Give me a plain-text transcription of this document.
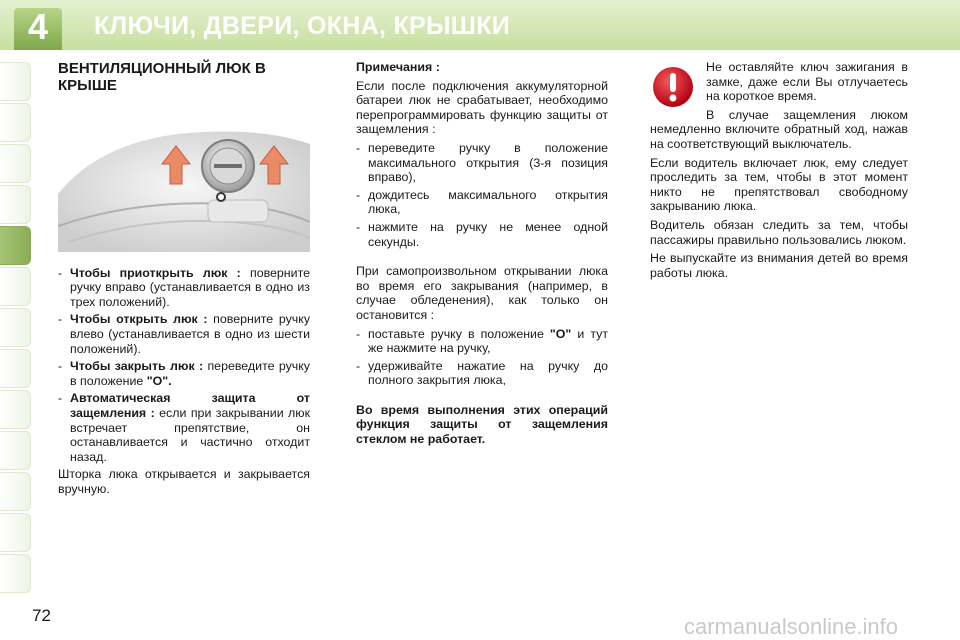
4	КЛЮЧИ, ДВЕРИ, ОКНА, КРЫШКИ
ВЕНТИЛЯЦИОННЫЙ ЛЮК В КРЫШЕ
- Чтобы приоткрыть люк : поверните ручку вправо (устанавливается в одно из трех положений).
- Чтобы открыть люк : поверните ручку влево (устанавливается в одно из шести положений).
- Чтобы закрыть люк : переведите ручку в положение "O".
- Автоматическая защита от защемления : если при закрывании люк встречает препятствие, он останавливается и частично отходит назад.

Шторка люка открывается и закрывается вручную.

Примечания :

Если после подключения аккумуляторной батареи люк не срабатывает, необходимо перепрограммировать функцию защиты от защемления :

- переведите ручку в положение максимального открытия (3-я позиция вправо),
- дождитесь максимального открытия люка,
- нажмите на ручку не менее одной секунды.

При самопроизвольном открывании люка во время его закрывания (например, в случае обледенения), как только он остановится :

- поставьте ручку в положение "O" и тут же нажмите на ручку,
- удерживайте нажатие на ручку до полного закрытия люка,

Во время выполнения этих операций функция защиты от защемления стеклом не работает.

Не оставляйте ключ зажигания в замке, даже если Вы отлучаетесь на короткое время.

В случае защемления люком немедленно включите обратный ход, нажав на соответствующий выключатель.

Если водитель включает люк, ему следует проследить за тем, чтобы в этот момент никто не препятствовал свободному закрыванию люка.

Водитель обязан следить за тем, чтобы пассажиры правильно пользовались люком.

Не выпускайте из внимания детей во время работы люка.

72	carmanualsonline.info
